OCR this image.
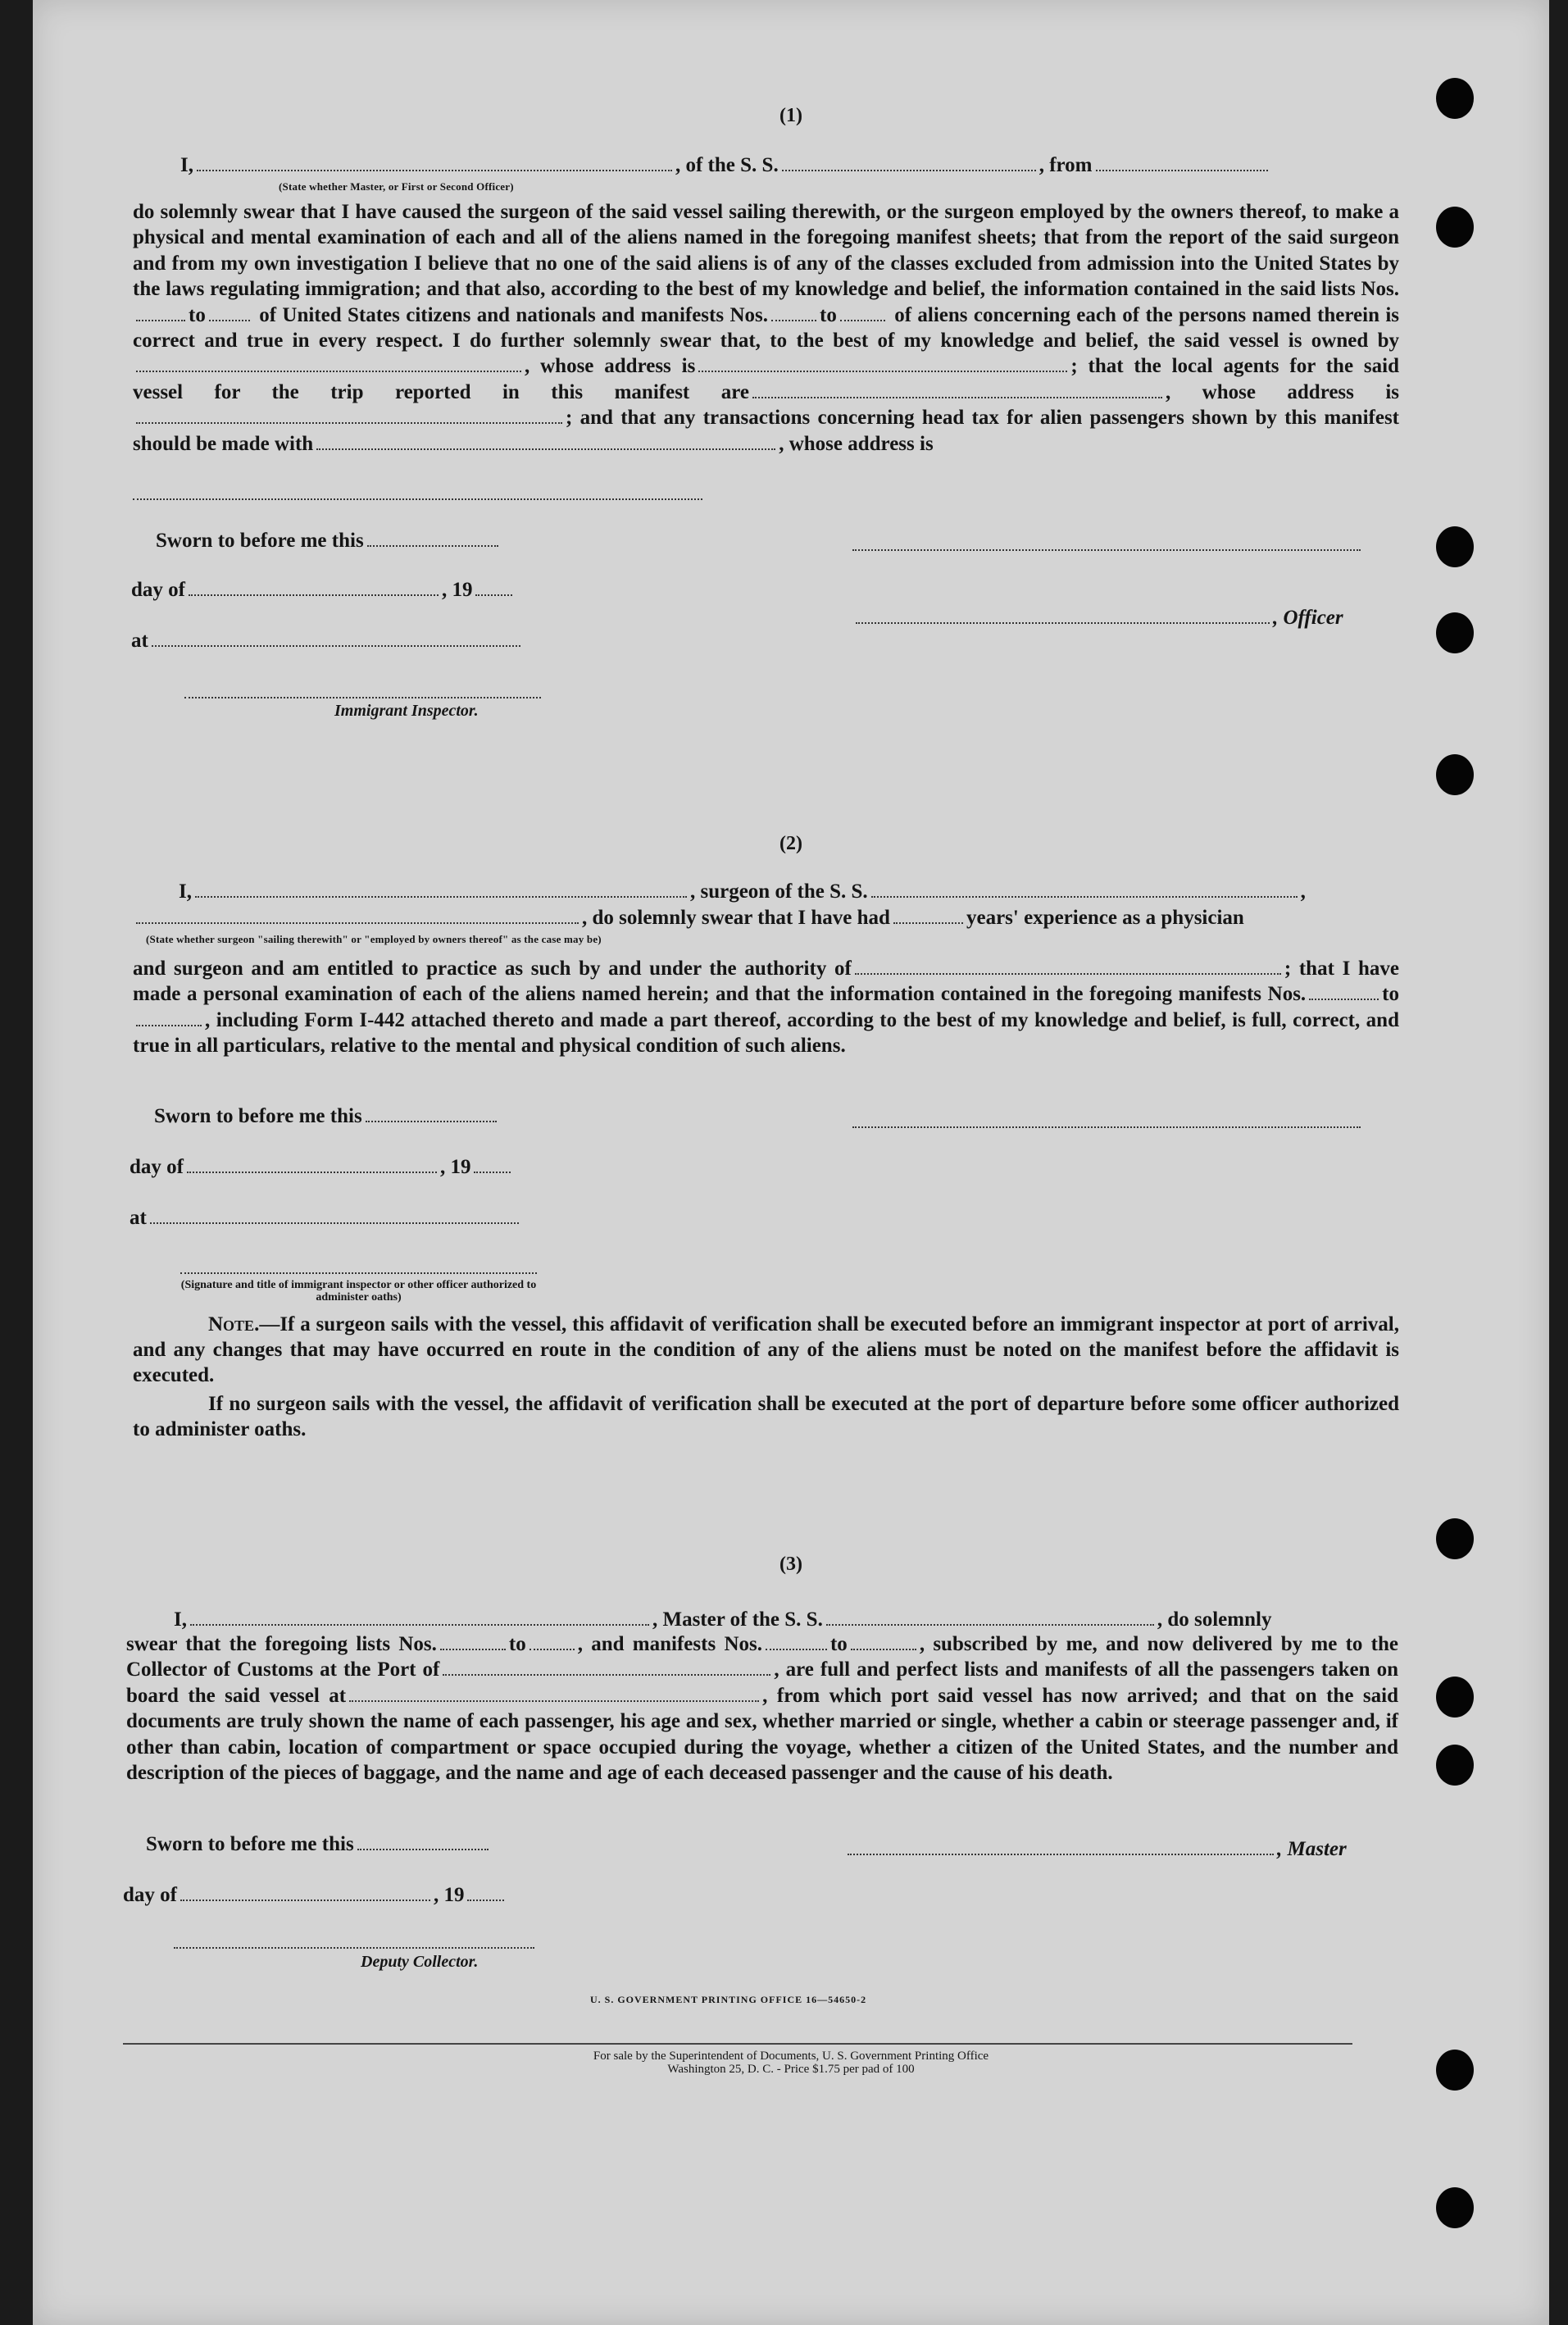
(1)
I,	, of the S. S.	, from
(State whether Master, or First or Second Officer)

do solemnly swear that I have caused the surgeon of the said vessel sailing therewith, or the surgeon employed by the owners thereof, to make a physical and mental examination of each and all of the aliens named in the foregoing manifest sheets; that from the report of the said surgeon and from my own investigation I believe that no one of the said aliens is of any of the classes excluded from admission into the United States by the laws regulating immigration; and that also, according to the best of my knowledge and belief, the information contained in the said lists Nos.to	of United States citizens and nationals and manifests Nos.	to	of aliens concerning each of the persons named therein is correct and true in every respect. I do further solemnly swear that, to the best of my knowledge and belief, the said vessel is owned by, whose address is	; that the local agents for the said vessel for the trip reported in this manifest are	, whose address is; and that any transactions concerning head tax for alien passengers shown by this manifest should be made with	, whose address is

Sworn to before me this
day of	, 19
, Officer
at
Immigrant Inspector.
(2)
I,	, surgeon of the S. S.	,
, do solemnly swear that I have had	years' experience as a physician
(State whether surgeon "sailing therewith" or "employed by owners thereof" as the case may be)

and surgeon and am entitled to practice as such by and under the authority of	; that I have made a personal examination of each of the aliens named herein; and that the information contained in the foregoing manifests Nos.	to, including Form I-442 attached thereto and made a part thereof, according to the best of my knowledge and belief, is full, correct, and true in all particulars, relative to the mental and physical condition of such aliens.

Sworn to before me this
day of	, 19
at
(Signature and title of immigrant inspector or other officer authorized to administer oaths)

Note.—If a surgeon sails with the vessel, this affidavit of verification shall be executed before an immigrant inspector at port of arrival, and any changes that may have occurred en route in the condition of any of the aliens must be noted on the manifest before the affidavit is executed.

If no surgeon sails with the vessel, the affidavit of verification shall be executed at the port of departure before some officer authorized to administer oaths.

(3)
I,	, Master of the S. S.	, do solemnly

swear that the foregoing lists Nos.	to	, and manifests Nos.	to	, subscribed by me, and now delivered by me to the Collector of Customs at the Port of	, are full and perfect lists and manifests of all the passengers taken on board the said vessel at	, from which port said vessel has now arrived; and that on the said documents are truly shown the name of each passenger, his age and sex, whether married or single, whether a cabin or steerage passenger and, if other than cabin, location of compartment or space occupied during the voyage, whether a citizen of the United States, and the number and description of the pieces of baggage, and the name and age of each deceased passenger and the cause of his death.

Sworn to before me this	, Master
day of	, 19
Deputy Collector.
U. S. GOVERNMENT PRINTING OFFICE 16—54650-2
For sale by the Superintendent of Documents, U. S. Government Printing Office
Washington 25, D. C. - Price $1.75 per pad of 100
